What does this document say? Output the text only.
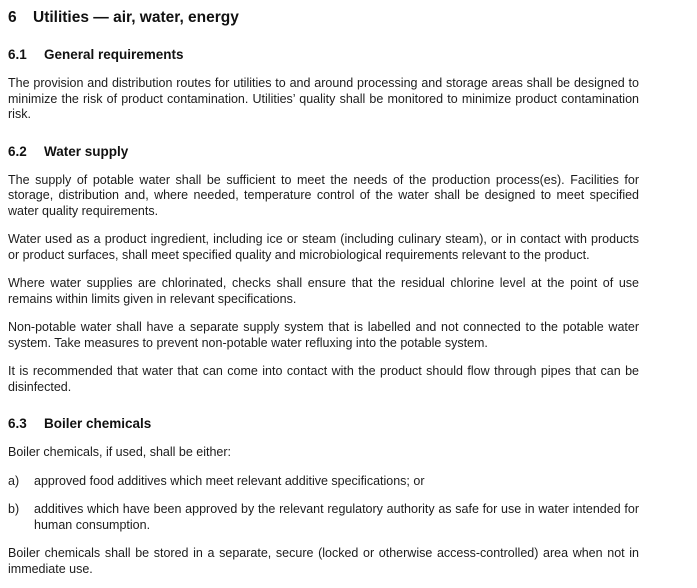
6	Utilities — air, water, energy
6.1	General requirements

The provision and distribution routes for utilities to and around processing and storage areas shall be designed to minimize the risk of product contamination. Utilities’ quality shall be monitored to minimize product contamination risk.

6.2	Water supply

The supply of potable water shall be sufficient to meet the needs of the production process(es). Facilities for storage, distribution and, where needed, temperature control of the water shall be designed to meet specified water quality requirements.

Water used as a product ingredient, including ice or steam (including culinary steam), or in contact with products or product surfaces, shall meet specified quality and microbiological requirements relevant to the product.

Where water supplies are chlorinated, checks shall ensure that the residual chlorine level at the point of use remains within limits given in relevant specifications.

Non-potable water shall have a separate supply system that is labelled and not connected to the potable water system. Take measures to prevent non-potable water refluxing into the potable system.

It is recommended that water that can come into contact with the product should flow through pipes that can be disinfected.

6.3	Boiler chemicals

Boiler chemicals, if used, shall be either:

a)	approved food additives which meet relevant additive specifications; or
b)	additives which have been approved by the relevant regulatory authority as safe for use in water intended for human consumption.

Boiler chemicals shall be stored in a separate, secure (locked or otherwise access-controlled) area when not in immediate use.
